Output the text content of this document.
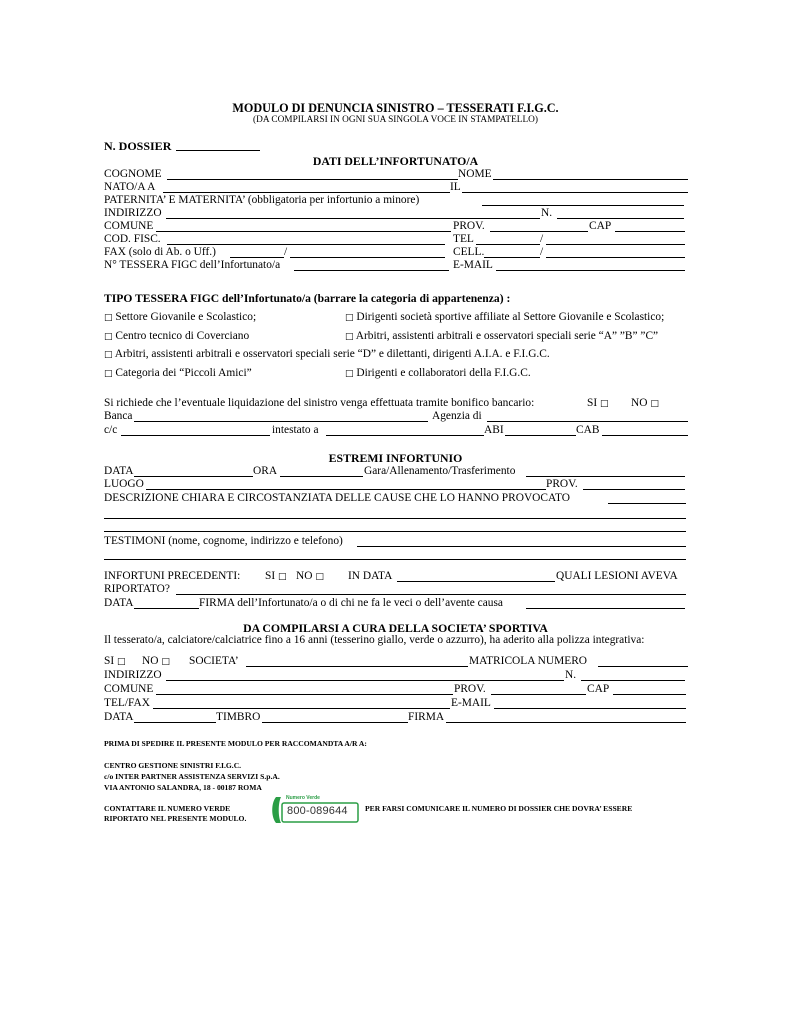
MODULO DI DENUNCIA SINISTRO – TESSERATI F.I.G.C.
(DA COMPILARSI IN OGNI SUA SINGOLA VOCE IN STAMPATELLO)
N. DOSSIER
DATI DELL’INFORTUNATO/A
COGNOME	NOME
NATO/A A	IL
PATERNITA’ E MATERNITA’ (obbligatoria per infortunio a minore)
INDIRIZZO	N.
COMUNE	PROV.	CAP
COD. FISC.	TEL	/
FAX (solo di Ab. o Uff.)	/	CELL.	/
N° TESSERA FIGC dell’Infortunato/a	E-MAIL
TIPO TESSERA FIGC dell’Infortunato/a (barrare la categoria di appartenenza) :
□ Settore Giovanile e Scolastico;	□ Dirigenti società sportive affiliate al Settore Giovanile e Scolastico;
□ Centro tecnico di Coverciano	□ Arbitri, assistenti arbitrali e osservatori speciali serie “A” ”B” ”C”
□ Arbitri, assistenti arbitrali e osservatori speciali serie “D” e dilettanti, dirigenti A.I.A. e F.I.G.C.
□ Categoria dei “Piccoli Amici”	□ Dirigenti e collaboratori della F.I.G.C.
Si richiede che l’eventuale liquidazione del sinistro venga effettuata tramite bonifico bancario:	SI □ NO □
Banca	Agenzia di
c/c	intestato a	ABI	CAB
ESTREMI INFORTUNIO
DATA	ORA	Gara/Allenamento/Trasferimento
LUOGO	PROV.
DESCRIZIONE CHIARA E CIRCOSTANZIATA DELLE CAUSE CHE LO HANNO PROVOCATO
TESTIMONI (nome, cognome, indirizzo e telefono)
INFORTUNI PRECEDENTI: SI □ NO □ IN DATA	QUALI LESIONI AVEVA
RIPORTATO?
DATA	FIRMA dell’Infortunato/a o di chi ne fa le veci o dell’avente causa
DA COMPILARSI A CURA DELLA SOCIETA’ SPORTIVA
Il tesserato/a, calciatore/calciatrice fino a 16 anni (tesserino giallo, verde o azzurro), ha aderito alla polizza integrativa:
SI □ NO □ SOCIETA’	MATRICOLA NUMERO
INDIRIZZO	N.
COMUNE	PROV.	CAP
TEL/FAX	E-MAIL
DATA	TIMBRO	FIRMA
PRIMA DI SPEDIRE IL PRESENTE MODULO PER RACCOMANDTA A/R A:
CENTRO GESTIONE SINISTRI F.I.G.C.
c/o INTER PARTNER ASSISTENZA SERVIZI S.p.A.
VIA ANTONIO SALANDRA, 18 - 00187 ROMA
CONTATTARE IL NUMERO VERDE
RIPORTATO NEL PRESENTE MODULO.
Numero Verde
800-089644 PER FARSI COMUNICARE IL NUMERO DI DOSSIER CHE DOVRA’ ESSERE
